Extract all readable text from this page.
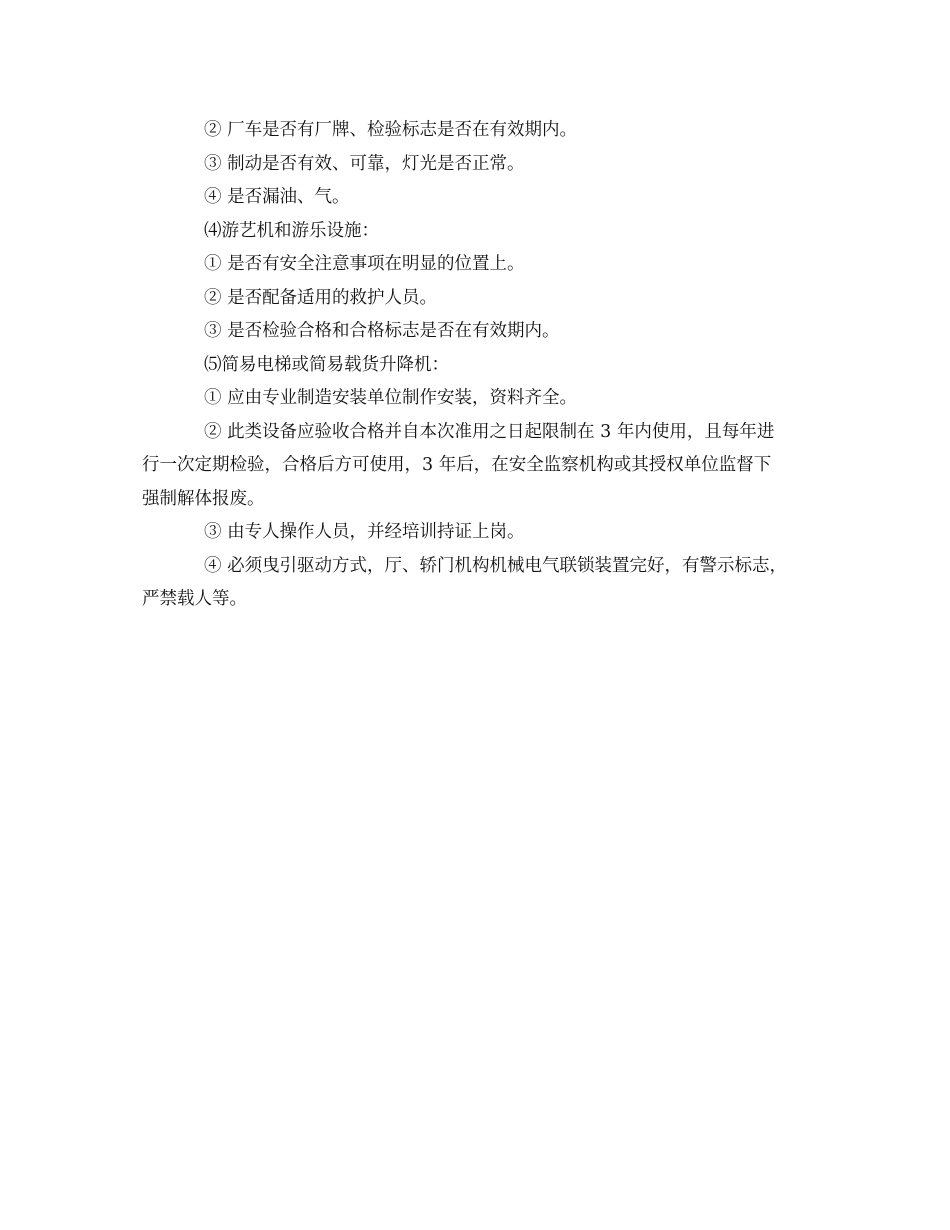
② 厂车是否有厂牌、检验标志是否在有效期内。

③ 制动是否有效、可靠，灯光是否正常。

④ 是否漏油、气。

⑷游艺机和游乐设施：

① 是否有安全注意事项在明显的位置上。

② 是否配备适用的救护人员。

③ 是否检验合格和合格标志是否在有效期内。

⑸简易电梯或简易载货升降机：

① 应由专业制造安装单位制作安装，资料齐全。

② 此类设备应验收合格并自本次准用之日起限制在 3 年内使用，且每年进

行一次定期检验，合格后方可使用，3 年后，在安全监察机构或其授权单位监督下

强制解体报废。

③ 由专人操作人员，并经培训持证上岗。

④ 必须曳引驱动方式，厅、轿门机构机械电气联锁装置完好，有警示标志，

严禁载人等。
